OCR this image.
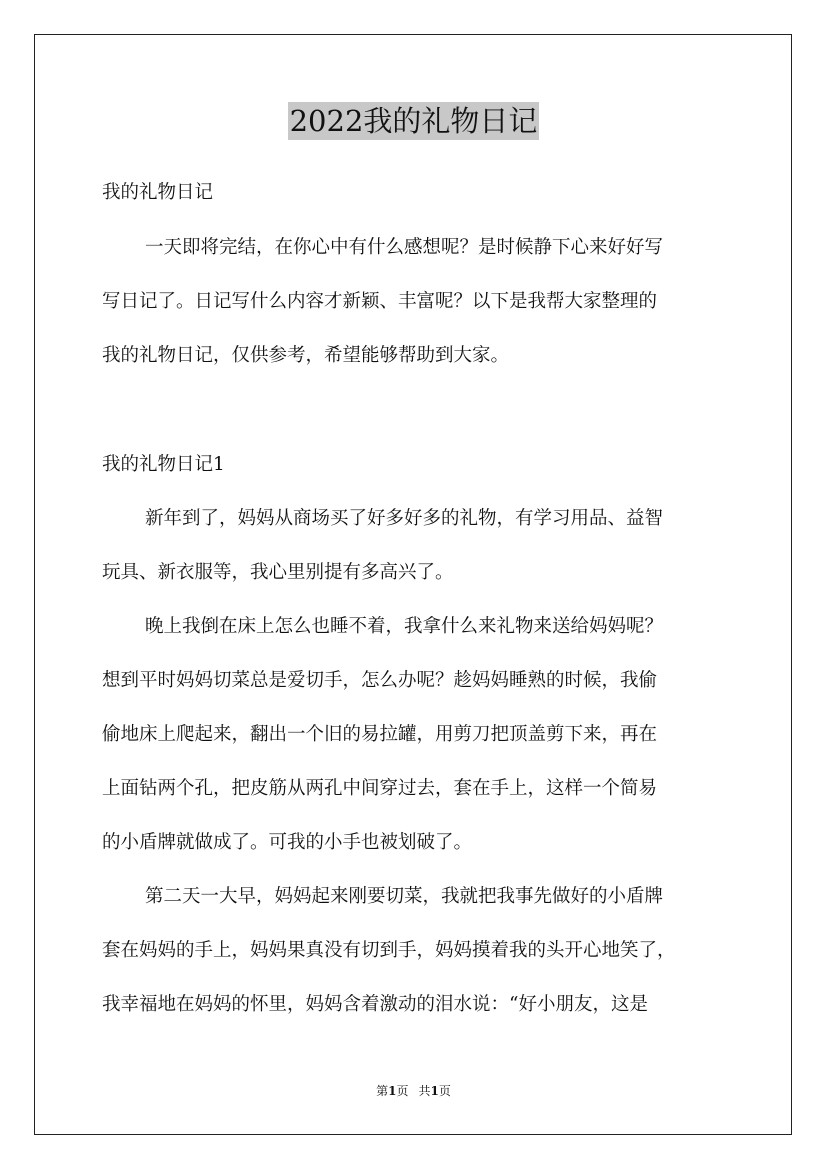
2022我的礼物日记
我的礼物日记
一天即将完结，在你心中有什么感想呢？是时候静下心来好好写
写日记了。日记写什么内容才新颖、丰富呢？以下是我帮大家整理的
我的礼物日记，仅供参考，希望能够帮助到大家。
我的礼物日记1
新年到了，妈妈从商场买了好多好多的礼物，有学习用品、益智
玩具、新衣服等，我心里别提有多高兴了。
晚上我倒在床上怎么也睡不着，我拿什么来礼物来送给妈妈呢？
想到平时妈妈切菜总是爱切手，怎么办呢？趁妈妈睡熟的时候，我偷
偷地床上爬起来，翻出一个旧的易拉罐，用剪刀把顶盖剪下来，再在
上面钻两个孔，把皮筋从两孔中间穿过去，套在手上，这样一个简易
的小盾牌就做成了。可我的小手也被划破了。
第二天一大早，妈妈起来刚要切菜，我就把我事先做好的小盾牌
套在妈妈的手上，妈妈果真没有切到手，妈妈摸着我的头开心地笑了，
我幸福地在妈妈的怀里，妈妈含着激动的泪水说：“好小朋友，这是
第1页 共1页
